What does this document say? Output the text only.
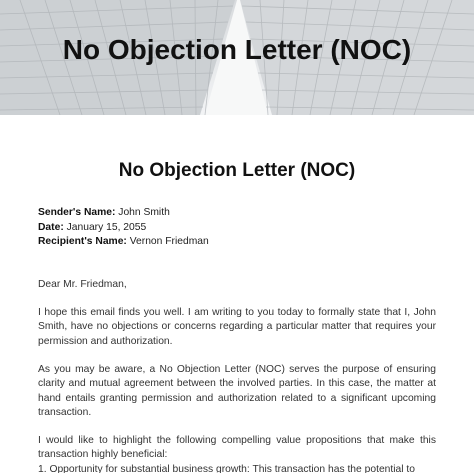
No Objection Letter (NOC)
No Objection Letter (NOC)
Sender's Name: John Smith
Date: January 15, 2055
Recipient's Name: Vernon Friedman

Dear Mr. Friedman,

I hope this email finds you well. I am writing to you today to formally state that I, John Smith, have no objections or concerns regarding a particular matter that requires your permission and authorization.

As you may be aware, a No Objection Letter (NOC) serves the purpose of ensuring clarity and mutual agreement between the involved parties. In this case, the matter at hand entails granting permission and authorization related to a significant upcoming transaction.

I would like to highlight the following compelling value propositions that make this transaction highly beneficial:

1. Opportunity for substantial business growth: This transaction has the potential to
